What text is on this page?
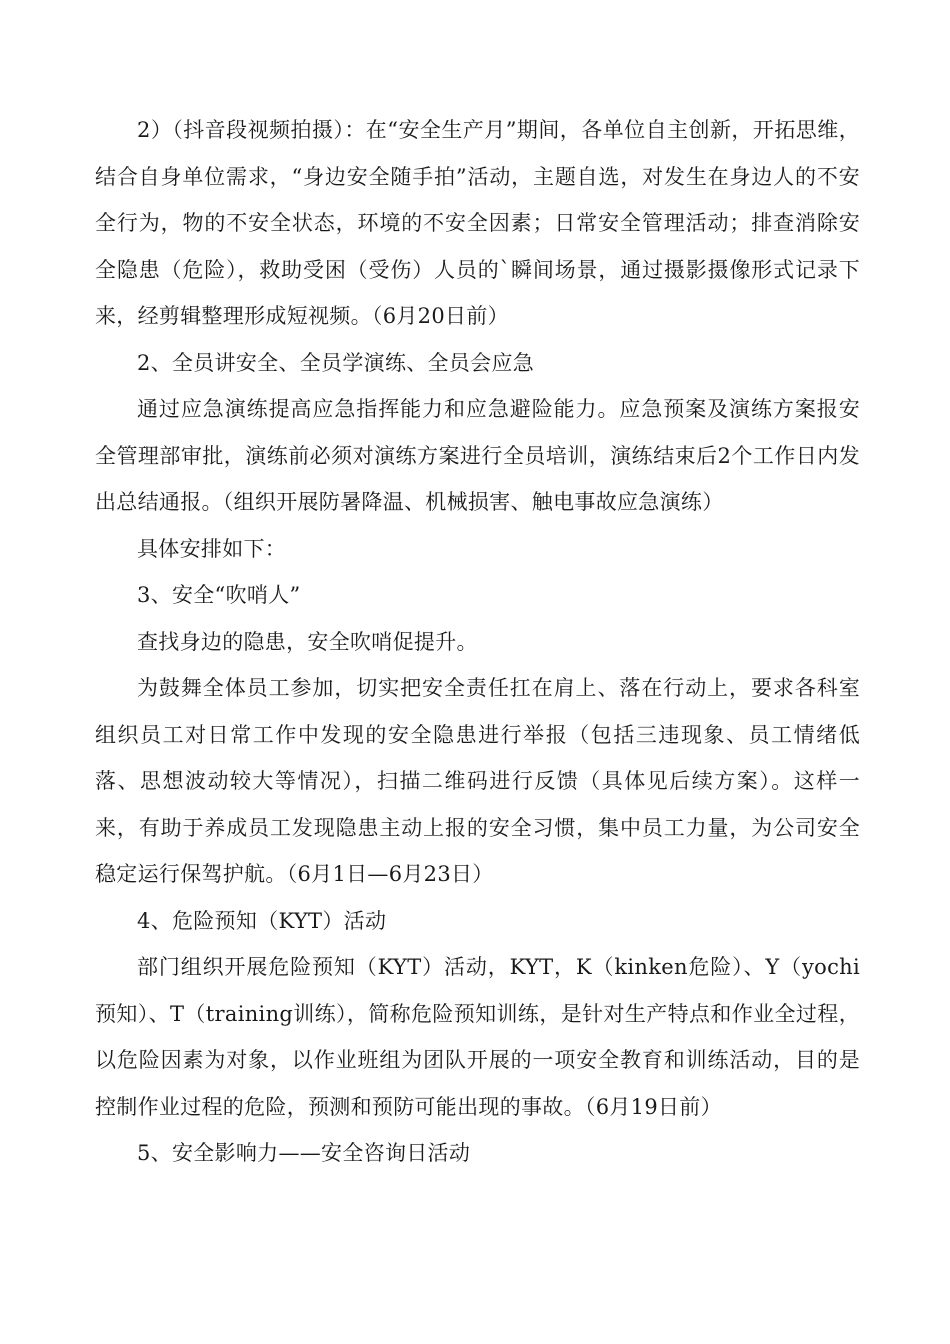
2）（抖音段视频拍摄）：在“安全生产月”期间，各单位自主创新，开拓思维，结合自身单位需求，“身边安全随手拍”活动，主题自选，对发生在身边人的不安全行为，物的不安全状态，环境的不安全因素；日常安全管理活动；排查消除安全隐患（危险），救助受困（受伤）人员的`瞬间场景，通过摄影摄像形式记录下来，经剪辑整理形成短视频。（6月20日前）

2、全员讲安全、全员学演练、全员会应急

通过应急演练提高应急指挥能力和应急避险能力。应急预案及演练方案报安全管理部审批，演练前必须对演练方案进行全员培训，演练结束后2个工作日内发出总结通报。（组织开展防暑降温、机械损害、触电事故应急演练）

具体安排如下：

3、安全“吹哨人”

查找身边的隐患，安全吹哨促提升。

为鼓舞全体员工参加，切实把安全责任扛在肩上、落在行动上，要求各科室组织员工对日常工作中发现的安全隐患进行举报（包括三违现象、员工情绪低落、思想波动较大等情况），扫描二维码进行反馈（具体见后续方案）。这样一来，有助于养成员工发现隐患主动上报的安全习惯，集中员工力量，为公司安全稳定运行保驾护航。（6月1日—6月23日）

4、危险预知（KYT）活动

部门组织开展危险预知（KYT）活动，KYT，K（kinken危险）、Y（yochi预知）、T（training训练），简称危险预知训练，是针对生产特点和作业全过程，以危险因素为对象，以作业班组为团队开展的一项安全教育和训练活动，目的是控制作业过程的危险，预测和预防可能出现的事故。（6月19日前）

5、安全影响力——安全咨询日活动
